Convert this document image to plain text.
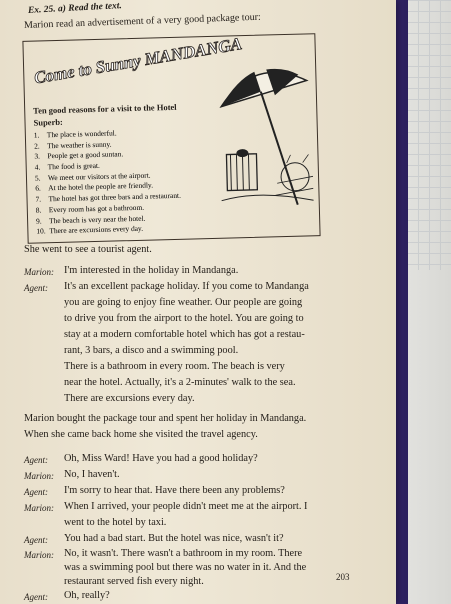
Ex. 25. a) Read the text.
Marion read an advertisement of a very good package tour:
Come to Sunny MANDANGA
Ten good reasons for a visit to the Hotel
Superb:
1. The place is wonderful.
2. The weather is sunny.
3. People get a good suntan.
4. The food is great.
5. We meet our visitors at the airport.
6. At the hotel the people are friendly.
7. The hotel has got three bars and a restaurant.
8. Every room has got a bathroom.
9. The beach is very near the hotel.
10. There are excursions every day.
She went to see a tourist agent.
Marion: I'm interested in the holiday in Mandanga.
Agent: It's an excellent package holiday. If you come to Mandanga
you are going to enjoy fine weather. Our people are going
to drive you from the airport to the hotel. You are going to
stay at a modern comfortable hotel which has got a restau-
rant, 3 bars, a disco and a swimming pool.
There is a bathroom in every room. The beach is very
near the hotel. Actually, it's a 2-minutes' walk to the sea.
There are excursions every day.
Marion bought the package tour and spent her holiday in Mandanga.
When she came back home she visited the travel agency.
Agent: Oh, Miss Ward! Have you had a good holiday?
Marion: No, I haven't.
Agent: I'm sorry to hear that. Have there been any problems?
Marion: When I arrived, your people didn't meet me at the airport. I
went to the hotel by taxi.
Agent: You had a bad start. But the hotel was nice, wasn't it?
Marion: No, it wasn't. There wasn't a bathroom in my room. There
was a swimming pool but there was no water in it. And the
restaurant served fish every night.
Agent: Oh, really?
203
